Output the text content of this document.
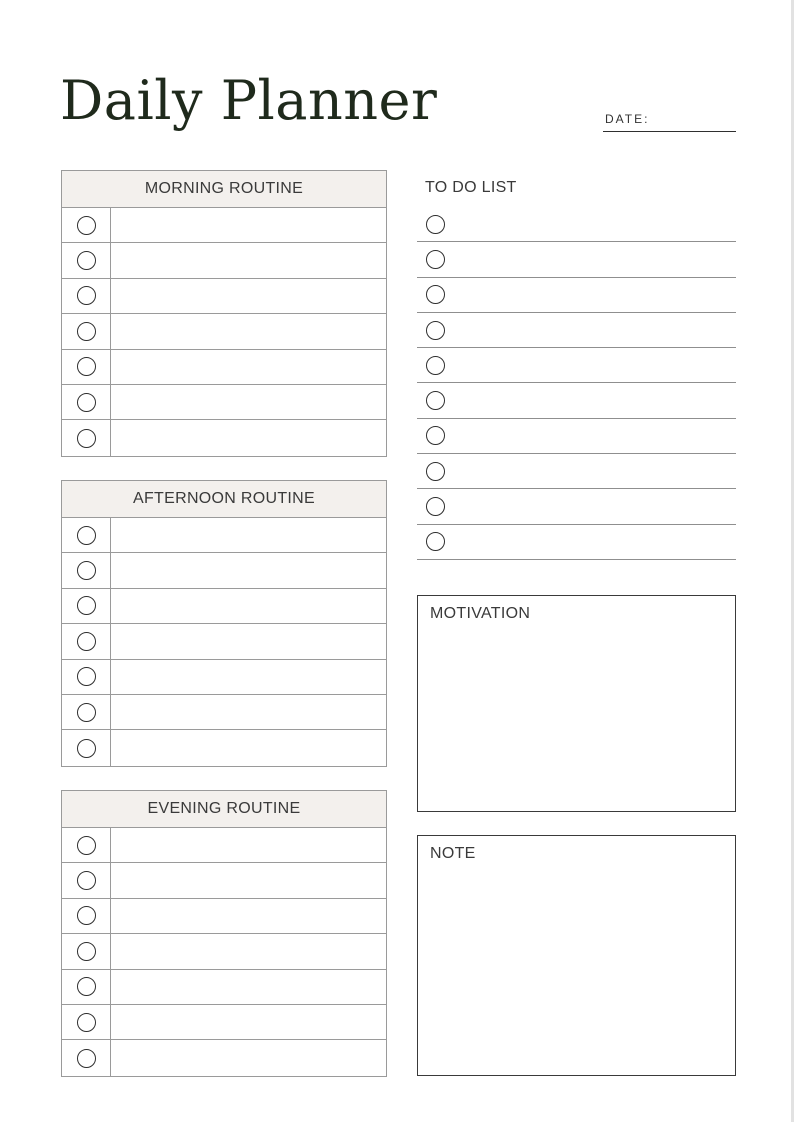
Daily Planner	DATE:
MORNING ROUTINE
AFTERNOON ROUTINE
EVENING ROUTINE
TO DO LIST
MOTIVATION
NOTE
